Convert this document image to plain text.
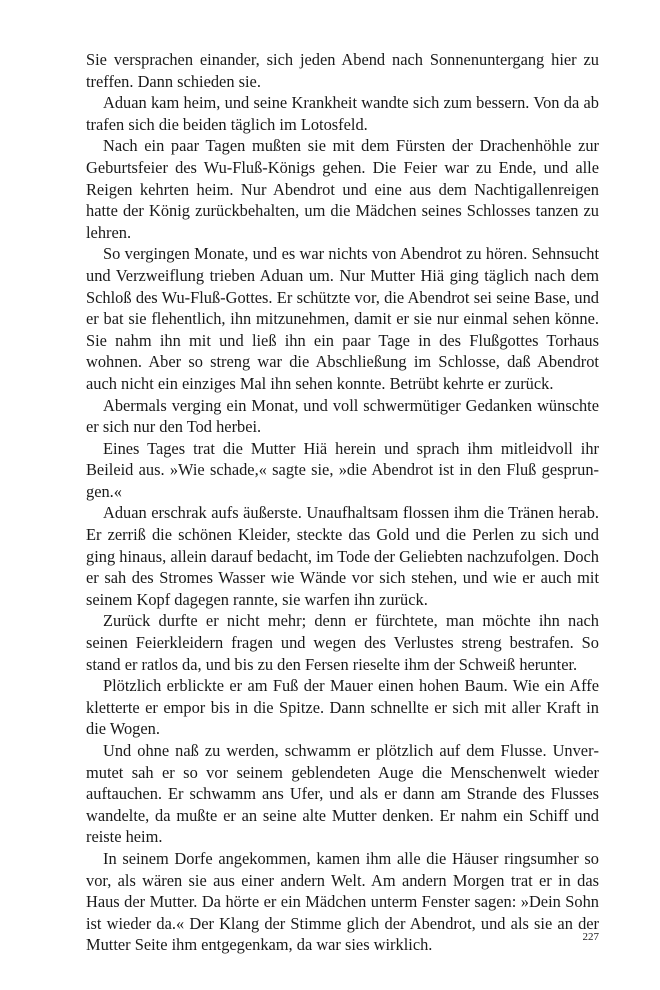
Sie versprachen einander, sich jeden Abend nach Sonnenuntergang hier zu treffen. Dann schieden sie.

Aduan kam heim, und seine Krankheit wandte sich zum bessern. Von da ab trafen sich die beiden täglich im Lotosfeld.

Nach ein paar Tagen mußten sie mit dem Fürsten der Drachenhöhle zur Geburtsfeier des Wu-Fluß-Königs gehen. Die Feier war zu Ende, und alle Reigen kehrten heim. Nur Abendrot und eine aus dem Nachtigallenreigen hatte der König zurückbehalten, um die Mädchen seines Schlosses tanzen zu lehren.

So vergingen Monate, und es war nichts von Abendrot zu hören. Sehnsucht und Verzweiflung trieben Aduan um. Nur Mutter Hiä ging täglich nach dem Schloß des Wu-Fluß-Gottes. Er schützte vor, die Abendrot sei seine Base, und er bat sie flehentlich, ihn mitzunehmen, damit er sie nur einmal sehen könne. Sie nahm ihn mit und ließ ihn ein paar Tage in des Flußgottes Torhaus wohnen. Aber so streng war die Abschließung im Schlosse, daß Abendrot auch nicht ein einziges Mal ihn sehen konnte. Betrübt kehrte er zurück.

Abermals verging ein Monat, und voll schwermütiger Gedanken wünschte er sich nur den Tod herbei.

Eines Tages trat die Mutter Hiä herein und sprach ihm mitleidvoll ihr Beileid aus. »Wie schade,« sagte sie, »die Abendrot ist in den Fluß gesprungen.«

Aduan erschrak aufs äußerste. Unaufhaltsam flossen ihm die Tränen herab. Er zerriß die schönen Kleider, steckte das Gold und die Perlen zu sich und ging hinaus, allein darauf bedacht, im Tode der Geliebten nachzufolgen. Doch er sah des Stromes Wasser wie Wände vor sich stehen, und wie er auch mit seinem Kopf dagegen rannte, sie warfen ihn zurück.

Zurück durfte er nicht mehr; denn er fürchtete, man möchte ihn nach seinen Feierkleidern fragen und wegen des Verlustes streng bestrafen. So stand er ratlos da, und bis zu den Fersen rieselte ihm der Schweiß herunter.

Plötzlich erblickte er am Fuß der Mauer einen hohen Baum. Wie ein Affe kletterte er empor bis in die Spitze. Dann schnellte er sich mit aller Kraft in die Wogen.

Und ohne naß zu werden, schwamm er plötzlich auf dem Flusse. Unvermutet sah er so vor seinem geblendeten Auge die Menschenwelt wieder auftauchen. Er schwamm ans Ufer, und als er dann am Strande des Flusses wandelte, da mußte er an seine alte Mutter denken. Er nahm ein Schiff und reiste heim.

In seinem Dorfe angekommen, kamen ihm alle die Häuser ringsumher so vor, als wären sie aus einer andern Welt. Am andern Morgen trat er in das Haus der Mutter. Da hörte er ein Mädchen unterm Fenster sagen: »Dein Sohn ist wieder da.« Der Klang der Stimme glich der Abendrot, und als sie an der Mutter Seite ihm entgegenkam, da war sies wirklich.	227
